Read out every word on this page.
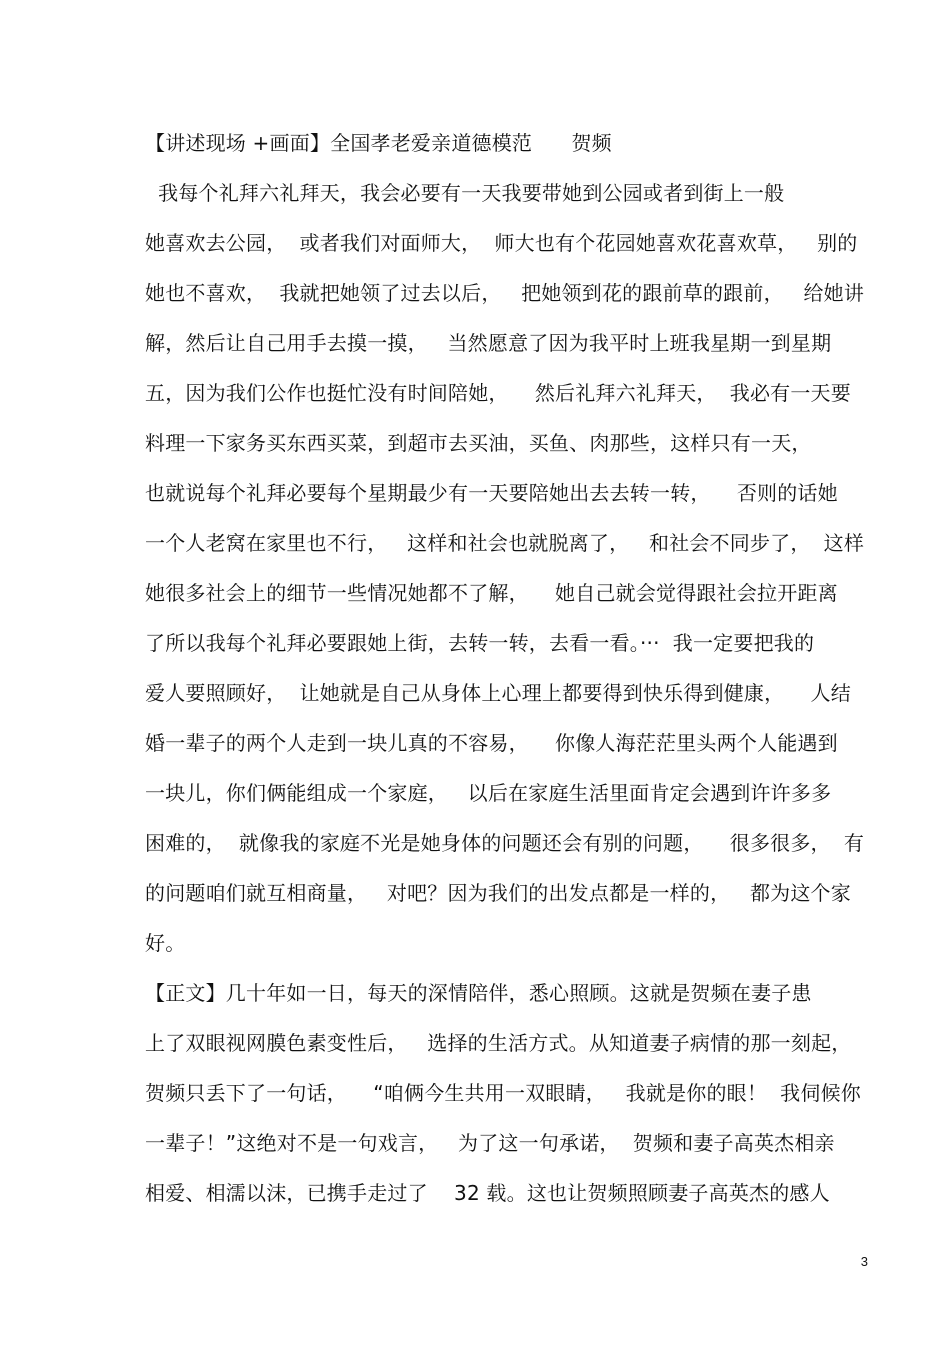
【讲述现场 +画面】全国孝老爱亲道德模范      贺频
我每个礼拜六礼拜天，我会必要有一天我要带她到公园或者到街上一般
她喜欢去公园，  或者我们对面师大，  师大也有个花园她喜欢花喜欢草，   别的
她也不喜欢，  我就把她领了过去以后，   把她领到花的跟前草的跟前，   给她讲
解，然后让自己用手去摸一摸，   当然愿意了因为我平时上班我星期一到星期
五，因为我们公作也挺忙没有时间陪她，    然后礼拜六礼拜天，  我必有一天要
料理一下家务买东西买菜，到超市去买油，买鱼、肉那些，这样只有一天，
也就说每个礼拜必要每个星期最少有一天要陪她出去去转一转，    否则的话她
一个人老窝在家里也不行，   这样和社会也就脱离了，   和社会不同步了，  这样
她很多社会上的细节一些情况她都不了解，    她自己就会觉得跟社会拉开距离
了所以我每个礼拜必要跟她上街，去转一转，去看一看。···  我一定要把我的
爱人要照顾好，  让她就是自己从身体上心理上都要得到快乐得到健康，    人结
婚一辈子的两个人走到一块儿真的不容易，    你像人海茫茫里头两个人能遇到
一块儿，你们俩能组成一个家庭，   以后在家庭生活里面肯定会遇到许许多多
困难的，  就像我的家庭不光是她身体的问题还会有别的问题，    很多很多，  有
的问题咱们就互相商量，   对吧？因为我们的出发点都是一样的，   都为这个家
好。
【正文】几十年如一日，每天的深情陪伴，悉心照顾。这就是贺频在妻子患
上了双眼视网膜色素变性后，   选择的生活方式。从知道妻子病情的那一刻起，
贺频只丢下了一句话，    “咱俩今生共用一双眼睛，   我就是你的眼！  我伺候你
一辈子！”这绝对不是一句戏言，   为了这一句承诺，  贺频和妻子高英杰相亲
相爱、相濡以沫，已携手走过了    32 载。这也让贺频照顾妻子高英杰的感人
3
